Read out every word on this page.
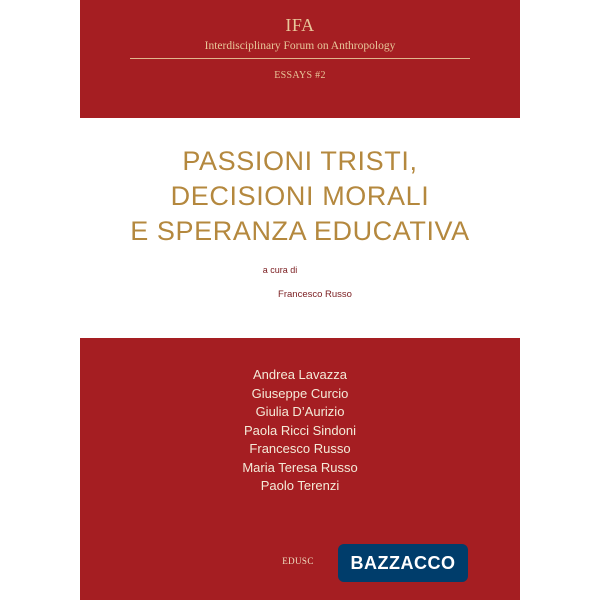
IFA
Interdisciplinary Forum on Anthropology
ESSAYS #2
PASSIONI TRISTI,
DECISIONI MORALI
E SPERANZA EDUCATIVA
a cura di
Francesco Russo
Andrea Lavazza
Giuseppe Curcio
Giulia D’Aurizio
Paola Ricci Sindoni
Francesco Russo
Maria Teresa Russo
Paolo Terenzi
EDUSC	BAZZACCO
